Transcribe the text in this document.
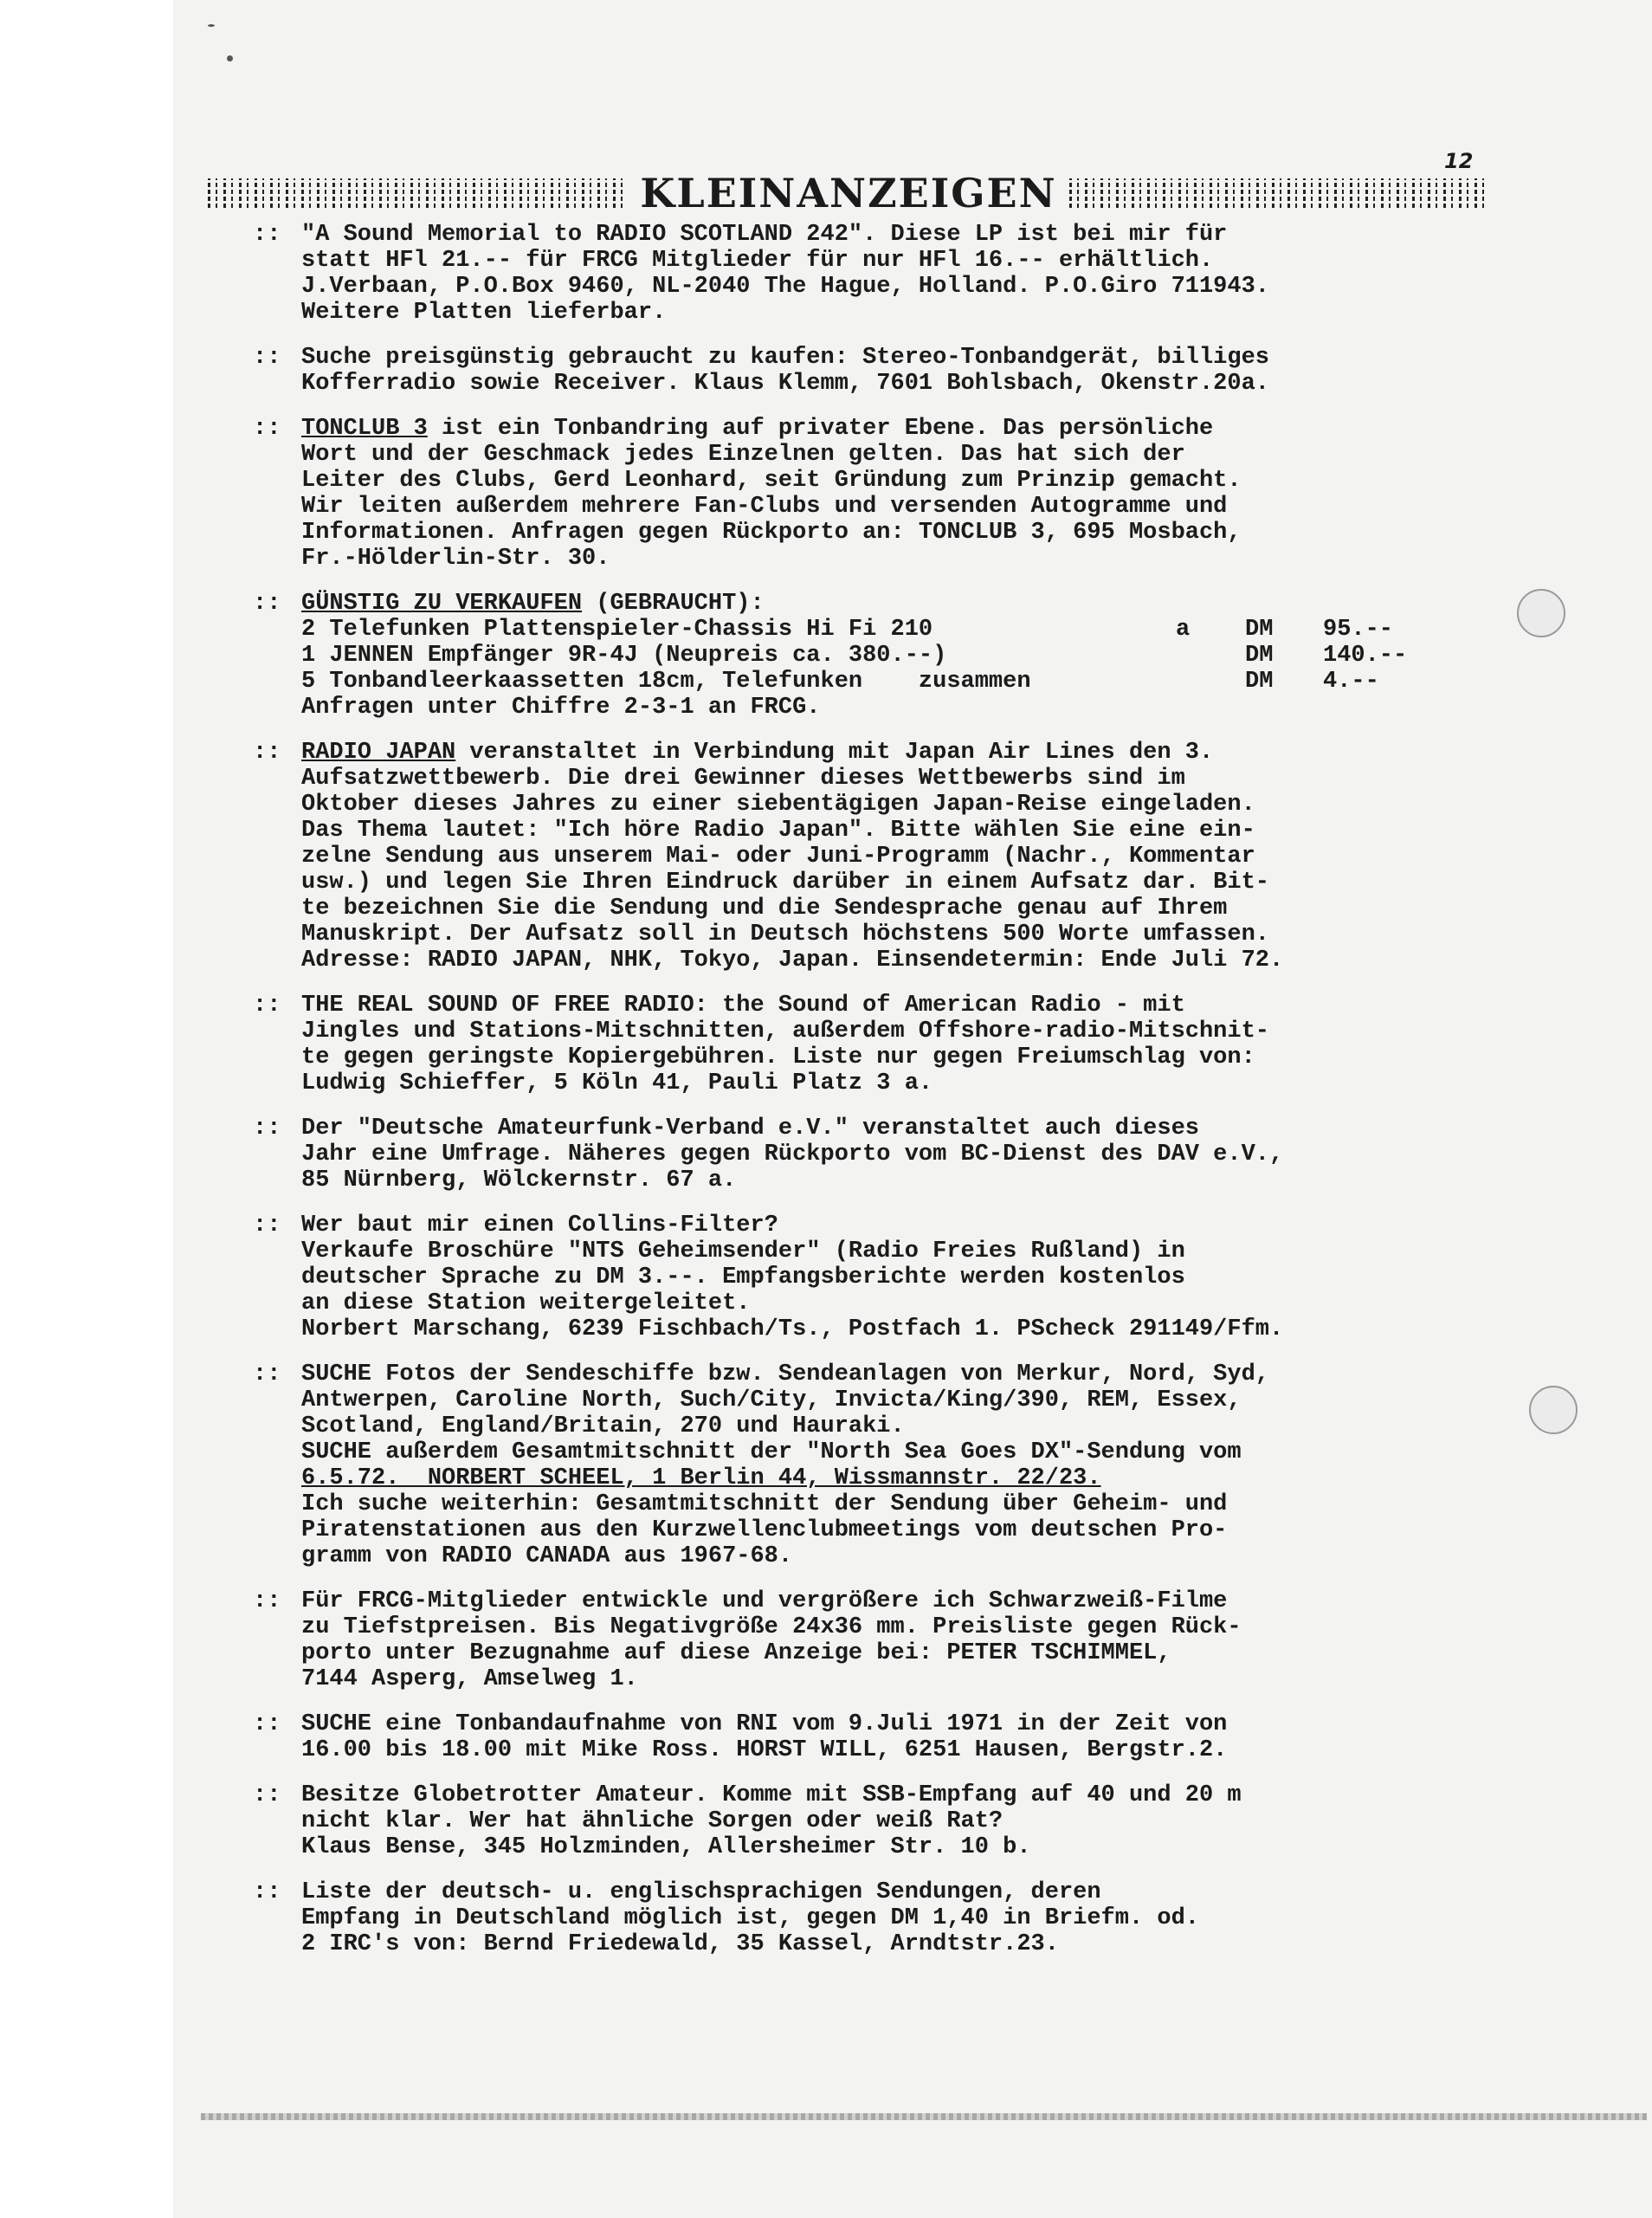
12
KLEINANZEIGEN
:: "A Sound Memorial to RADIO SCOTLAND 242". Diese LP ist bei mir für
statt HFl 21.-- für FRCG Mitglieder für nur HFl 16.-- erhältlich.
J.Verbaan, P.O.Box 9460, NL-2040 The Hague, Holland. P.O.Giro 711943.
Weitere Platten lieferbar.
:: Suche preisgünstig gebraucht zu kaufen: Stereo-Tonbandgerät, billiges
Kofferradio sowie Receiver. Klaus Klemm, 7601 Bohlsbach, Okenstr.20a.
:: TONCLUB 3 ist ein Tonbandring auf privater Ebene. Das persönliche
Wort und der Geschmack jedes Einzelnen gelten. Das hat sich der
Leiter des Clubs, Gerd Leonhard, seit Gründung zum Prinzip gemacht.
Wir leiten außerdem mehrere Fan-Clubs und versenden Autogramme und
Informationen. Anfragen gegen Rückporto an: TONCLUB 3, 695 Mosbach,
Fr.-Hölderlin-Str. 30.
:: GÜNSTIG ZU VERKAUFEN (GEBRAUCHT):
2 Telefunken Plattenspieler-Chassis Hi Fi 210	a	DM	95.--
1 JENNEN Empfänger 9R-4J (Neupreis ca. 380.--)	DM	140.--
5 Tonbandleerkaassetten 18cm, Telefunken    zusammen	DM	4.--
Anfragen unter Chiffre 2-3-1 an FRCG.
:: RADIO JAPAN veranstaltet in Verbindung mit Japan Air Lines den 3.
Aufsatzwettbewerb. Die drei Gewinner dieses Wettbewerbs sind im
Oktober dieses Jahres zu einer siebentägigen Japan-Reise eingeladen.
Das Thema lautet: "Ich höre Radio Japan". Bitte wählen Sie eine ein-
zelne Sendung aus unserem Mai- oder Juni-Programm (Nachr., Kommentar
usw.) und legen Sie Ihren Eindruck darüber in einem Aufsatz dar. Bit-
te bezeichnen Sie die Sendung und die Sendesprache genau auf Ihrem
Manuskript. Der Aufsatz soll in Deutsch höchstens 500 Worte umfassen.
Adresse: RADIO JAPAN, NHK, Tokyo, Japan. Einsendetermin: Ende Juli 72.
:: THE REAL SOUND OF FREE RADIO: the Sound of American Radio - mit
Jingles und Stations-Mitschnitten, außerdem Offshore-radio-Mitschnit-
te gegen geringste Kopiergebühren. Liste nur gegen Freiumschlag von:
Ludwig Schieffer, 5 Köln 41, Pauli Platz 3 a.
:: Der "Deutsche Amateurfunk-Verband e.V." veranstaltet auch dieses
Jahr eine Umfrage. Näheres gegen Rückporto vom BC-Dienst des DAV e.V.,
85 Nürnberg, Wölckernstr. 67 a.
:: Wer baut mir einen Collins-Filter?
Verkaufe Broschüre "NTS Geheimsender" (Radio Freies Rußland) in
deutscher Sprache zu DM 3.--. Empfangsberichte werden kostenlos
an diese Station weitergeleitet.
Norbert Marschang, 6239 Fischbach/Ts., Postfach 1. PScheck 291149/Ffm.
:: SUCHE Fotos der Sendeschiffe bzw. Sendeanlagen von Merkur, Nord, Syd,
Antwerpen, Caroline North, Such/City, Invicta/King/390, REM, Essex,
Scotland, England/Britain, 270 und Hauraki.
SUCHE außerdem Gesamtmitschnitt der "North Sea Goes DX"-Sendung vom
6.5.72.  NORBERT SCHEEL, 1 Berlin 44, Wissmannstr. 22/23.
Ich suche weiterhin: Gesamtmitschnitt der Sendung über Geheim- und
Piratenstationen aus den Kurzwellenclubmeetings vom deutschen Pro-
gramm von RADIO CANADA aus 1967-68.
:: Für FRCG-Mitglieder entwickle und vergrößere ich Schwarzweiß-Filme
zu Tiefstpreisen. Bis Negativgröße 24x36 mm. Preisliste gegen Rück-
porto unter Bezugnahme auf diese Anzeige bei: PETER TSCHIMMEL,
7144 Asperg, Amselweg 1.
:: SUCHE eine Tonbandaufnahme von RNI vom 9.Juli 1971 in der Zeit von
16.00 bis 18.00 mit Mike Ross. HORST WILL, 6251 Hausen, Bergstr.2.
:: Besitze Globetrotter Amateur. Komme mit SSB-Empfang auf 40 und 20 m
nicht klar. Wer hat ähnliche Sorgen oder weiß Rat?
Klaus Bense, 345 Holzminden, Allersheimer Str. 10 b.
:: Liste der deutsch- u. englischsprachigen Sendungen, deren
Empfang in Deutschland möglich ist, gegen DM 1,40 in Briefm. od.
2 IRC's von: Bernd Friedewald, 35 Kassel, Arndtstr.23.
